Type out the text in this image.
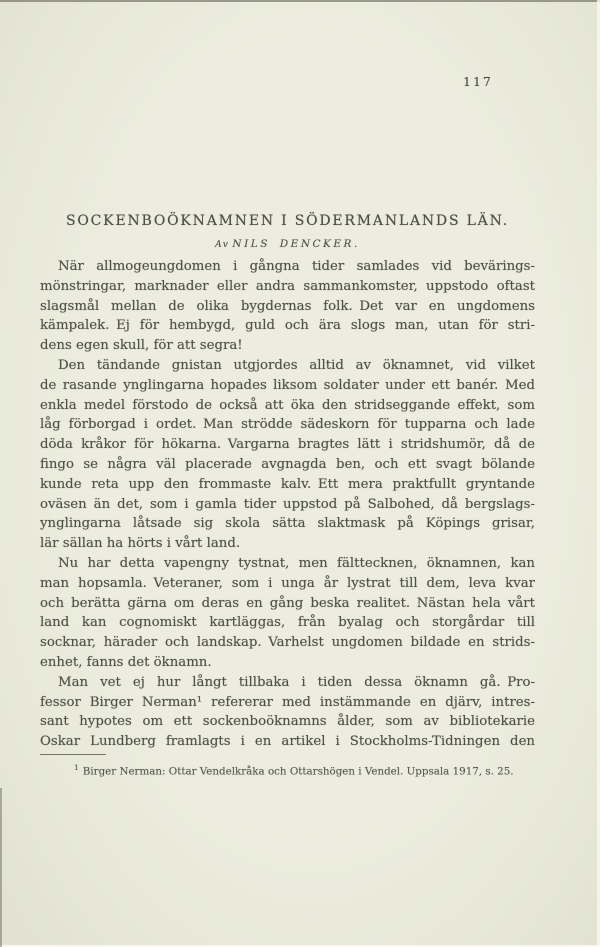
117
SOCKENBOÖKNAMNEN I SÖDERMANLANDS LÄN.
Av NILS DENCKER.
När allmogeungdomen i gångna tider samlades vid bevärings-
mönstringar, marknader eller andra sammankomster, uppstodo oftast
slagsmål mellan de olika bygdernas folk. Det var en ungdomens
kämpalek. Ej för hembygd, guld och ära slogs man, utan för stri-
dens egen skull, för att segra!
Den tändande gnistan utgjordes alltid av öknamnet, vid vilket
de rasande ynglingarna hopades liksom soldater under ett banér. Med
enkla medel förstodo de också att öka den stridseggande effekt, som
låg förborgad i ordet. Man strödde sädeskorn för tupparna och lade
döda kråkor för hökarna. Vargarna bragtes lätt i stridshumör, då de
fingo se några väl placerade avgnagda ben, och ett svagt bölande
kunde reta upp den frommaste kalv. Ett mera praktfullt gryntande
oväsen än det, som i gamla tider uppstod på Salbohed, då bergslags-
ynglingarna låtsade sig skola sätta slaktmask på Köpings grisar,
lär sällan ha hörts i vårt land.
Nu har detta vapengny tystnat, men fälttecknen, öknamnen, kan
man hopsamla. Veteraner, som i unga år lystrat till dem, leva kvar
och berätta gärna om deras en gång beska realitet. Nästan hela vårt
land kan cognomiskt kartläggas, från byalag och storgårdar till
socknar, härader och landskap. Varhelst ungdomen bildade en strids-
enhet, fanns det öknamn.
Man vet ej hur långt tillbaka i tiden dessa öknamn gå. Pro-
fessor Birger Nerman¹ refererar med instämmande en djärv, intres-
sant hypotes om ett sockenboöknamns ålder, som av bibliotekarie
Oskar Lundberg framlagts i en artikel i Stockholms-Tidningen den
$^1$ Birger Nerman: Ottar Vendelkråka och Ottarshögen i Vendel. Uppsala 1917, s. 25.
